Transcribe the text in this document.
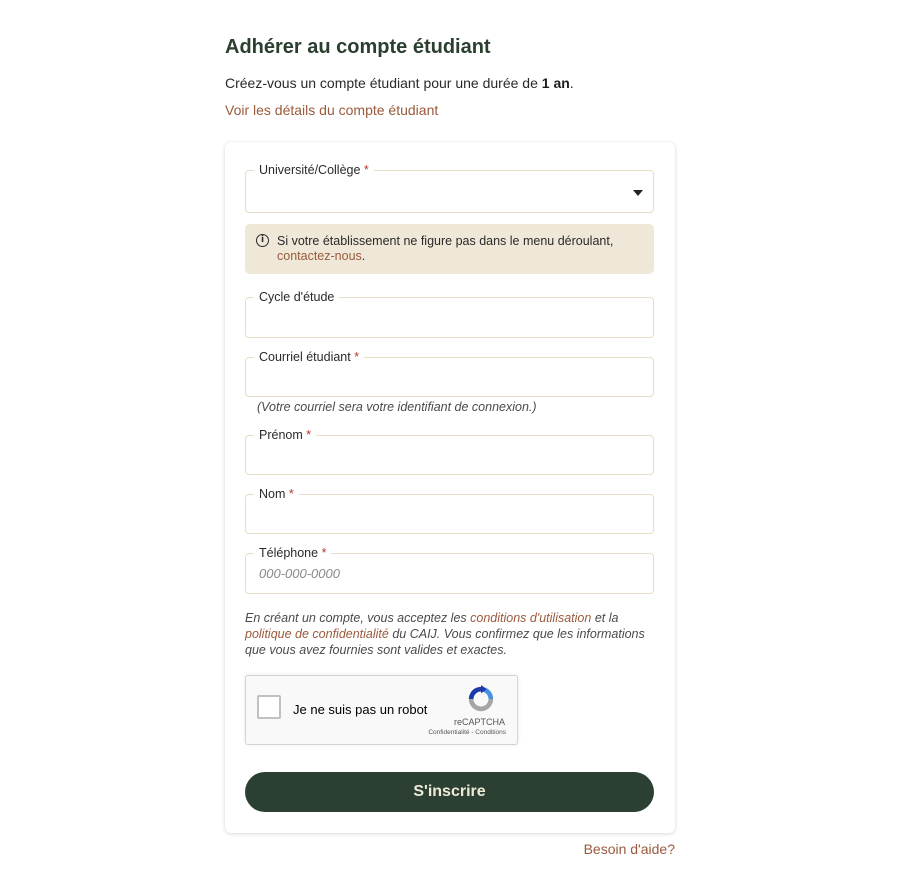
Adhérer au compte étudiant
Créez-vous un compte étudiant pour une durée de 1 an.
Voir les détails du compte étudiant
Université/Collège *
i	Si votre établissement ne figure pas dans le menu déroulant,
contactez-nous.
Cycle d'étude
Courriel étudiant *
(Votre courriel sera votre identifiant de connexion.)
Prénom *
Nom *
Téléphone *
000-000-0000
En créant un compte, vous acceptez les conditions d'utilisation et la politique de confidentialité du CAIJ. Vous confirmez que les informations que vous avez fournies sont valides et exactes.
Je ne suis pas un robot
reCAPTCHA
Confidentialité - Conditions
S'inscrire
Besoin d'aide?
